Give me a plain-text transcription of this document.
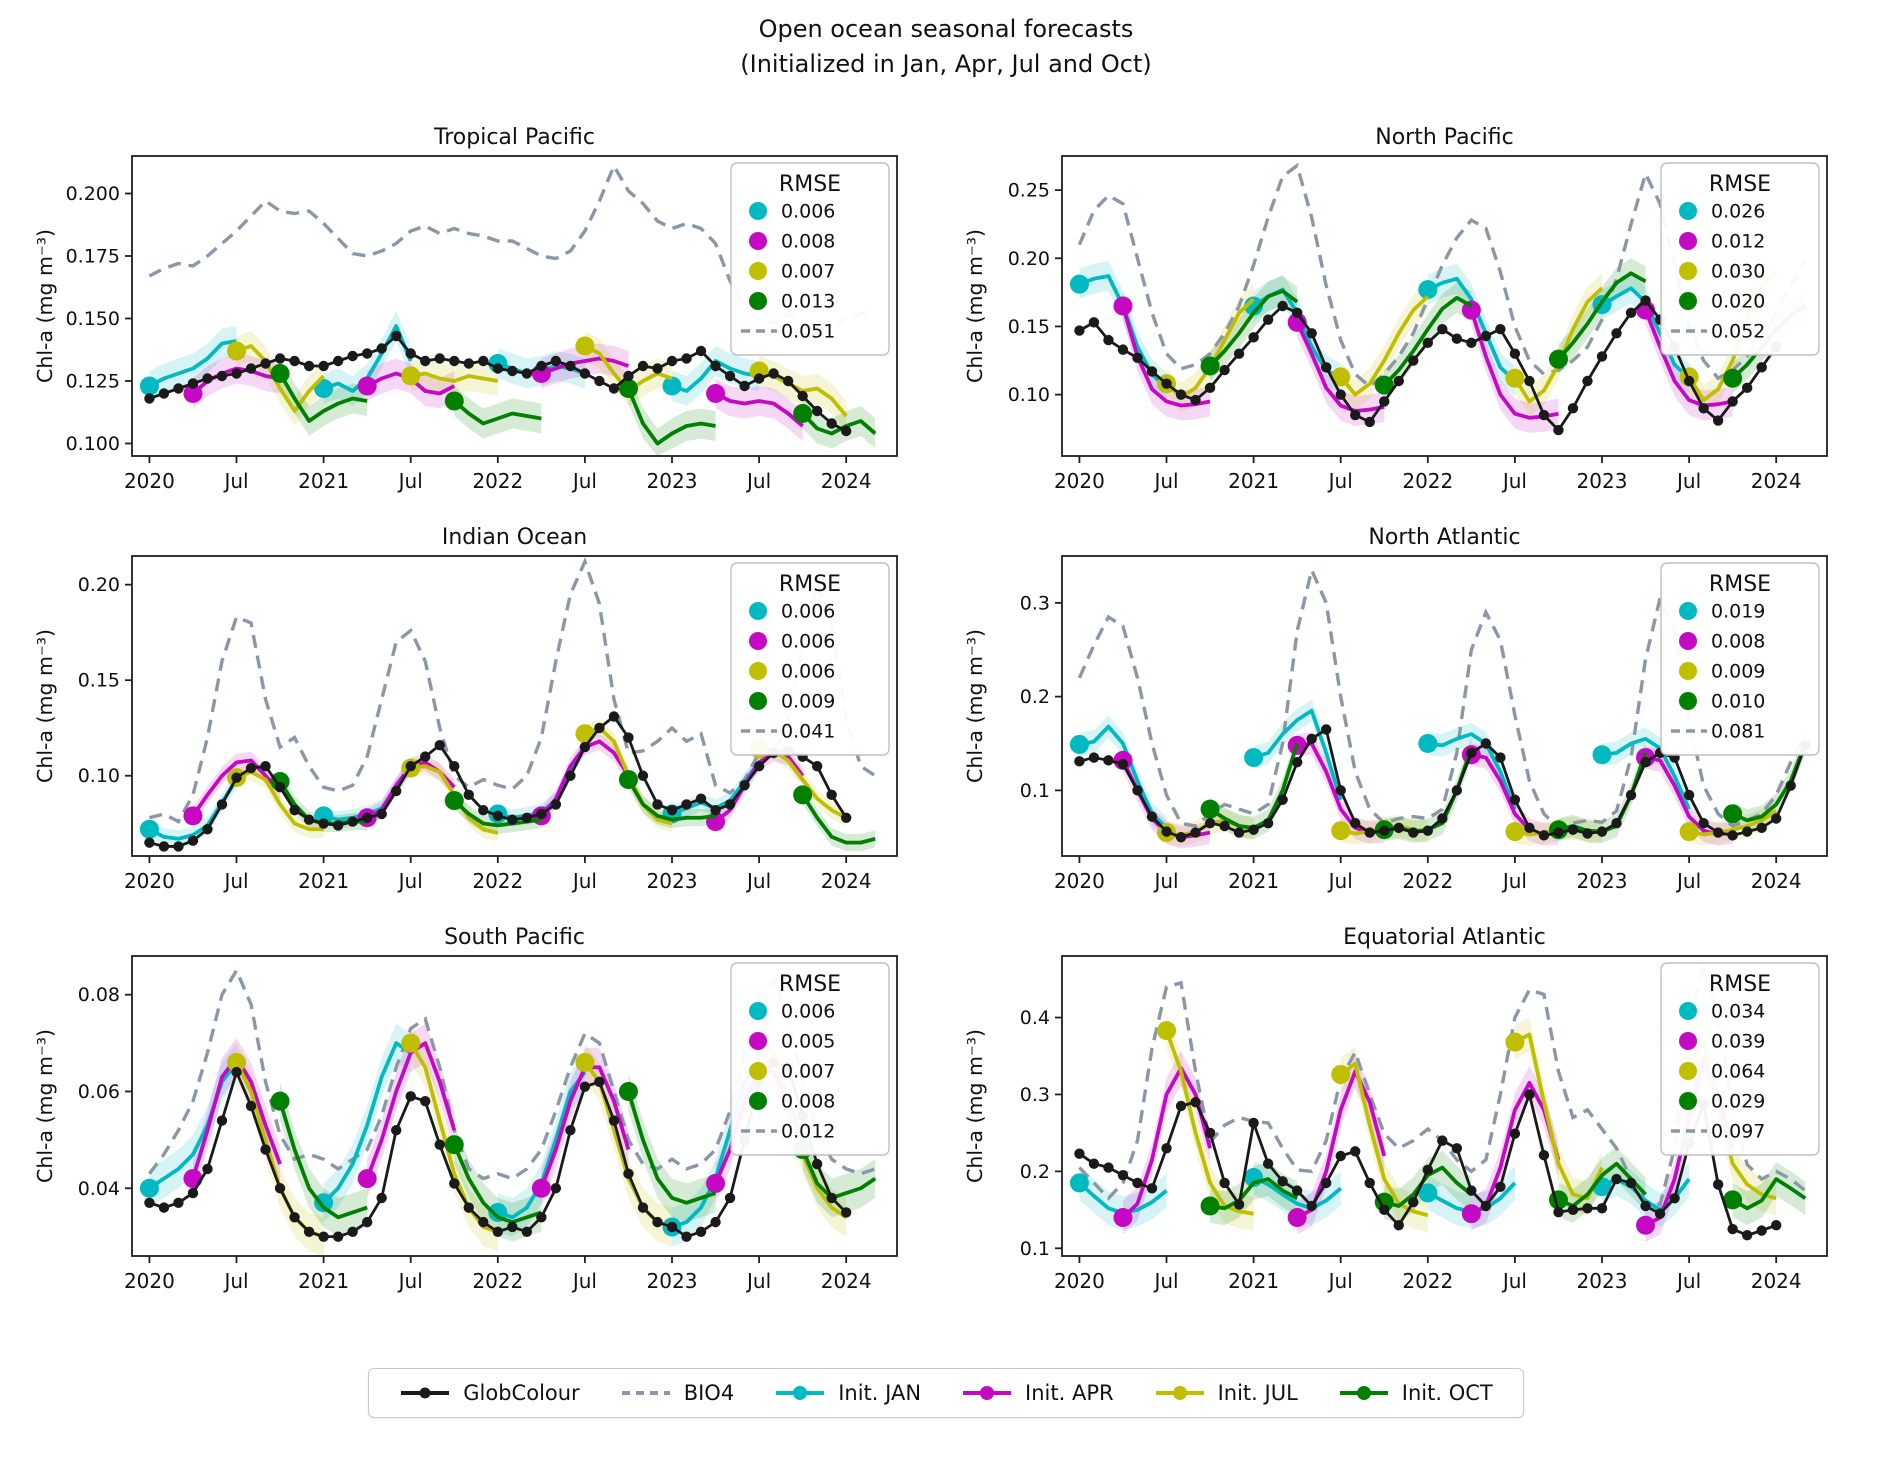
Open ocean seasonal forecasts
(Initialized in Jan, Apr, Jul and Oct)
0.100
0.125
0.150
0.175
0.200
2020 Jul 2021 Jul 2022 Jul 2023 Jul 2024
Tropical Pacific
Chl-a (mg m⁻³)
RMSE
0.006
0.008
0.007
0.013
0.051
0.10
0.15
0.20
0.25
2020 Jul 2021 Jul 2022 Jul 2023 Jul 2024
North Pacific
Chl-a (mg m⁻³)
RMSE
0.026
0.012
0.030
0.020
0.052
0.10
0.15
0.20
2020 Jul 2021 Jul 2022 Jul 2023 Jul 2024
Indian Ocean
Chl-a (mg m⁻³)
RMSE
0.006
0.006
0.006
0.009
0.041
0.1
0.2
0.3
2020 Jul 2021 Jul 2022 Jul 2023 Jul 2024
North Atlantic
Chl-a (mg m⁻³)
RMSE
0.019
0.008
0.009
0.010
0.081
0.04
0.06
0.08
2020 Jul 2021 Jul 2022 Jul 2023 Jul 2024
South Pacific
Chl-a (mg m⁻³)
RMSE
0.006
0.005
0.007
0.008
0.012
0.1
0.2
0.3
0.4
2020 Jul 2021 Jul 2022 Jul 2023 Jul 2024
Equatorial Atlantic
Chl-a (mg m⁻³)
RMSE
0.034
0.039
0.064
0.029
0.097
GlobColour	BIO4	Init. JAN	Init. APR	Init. JUL	Init. OCT
